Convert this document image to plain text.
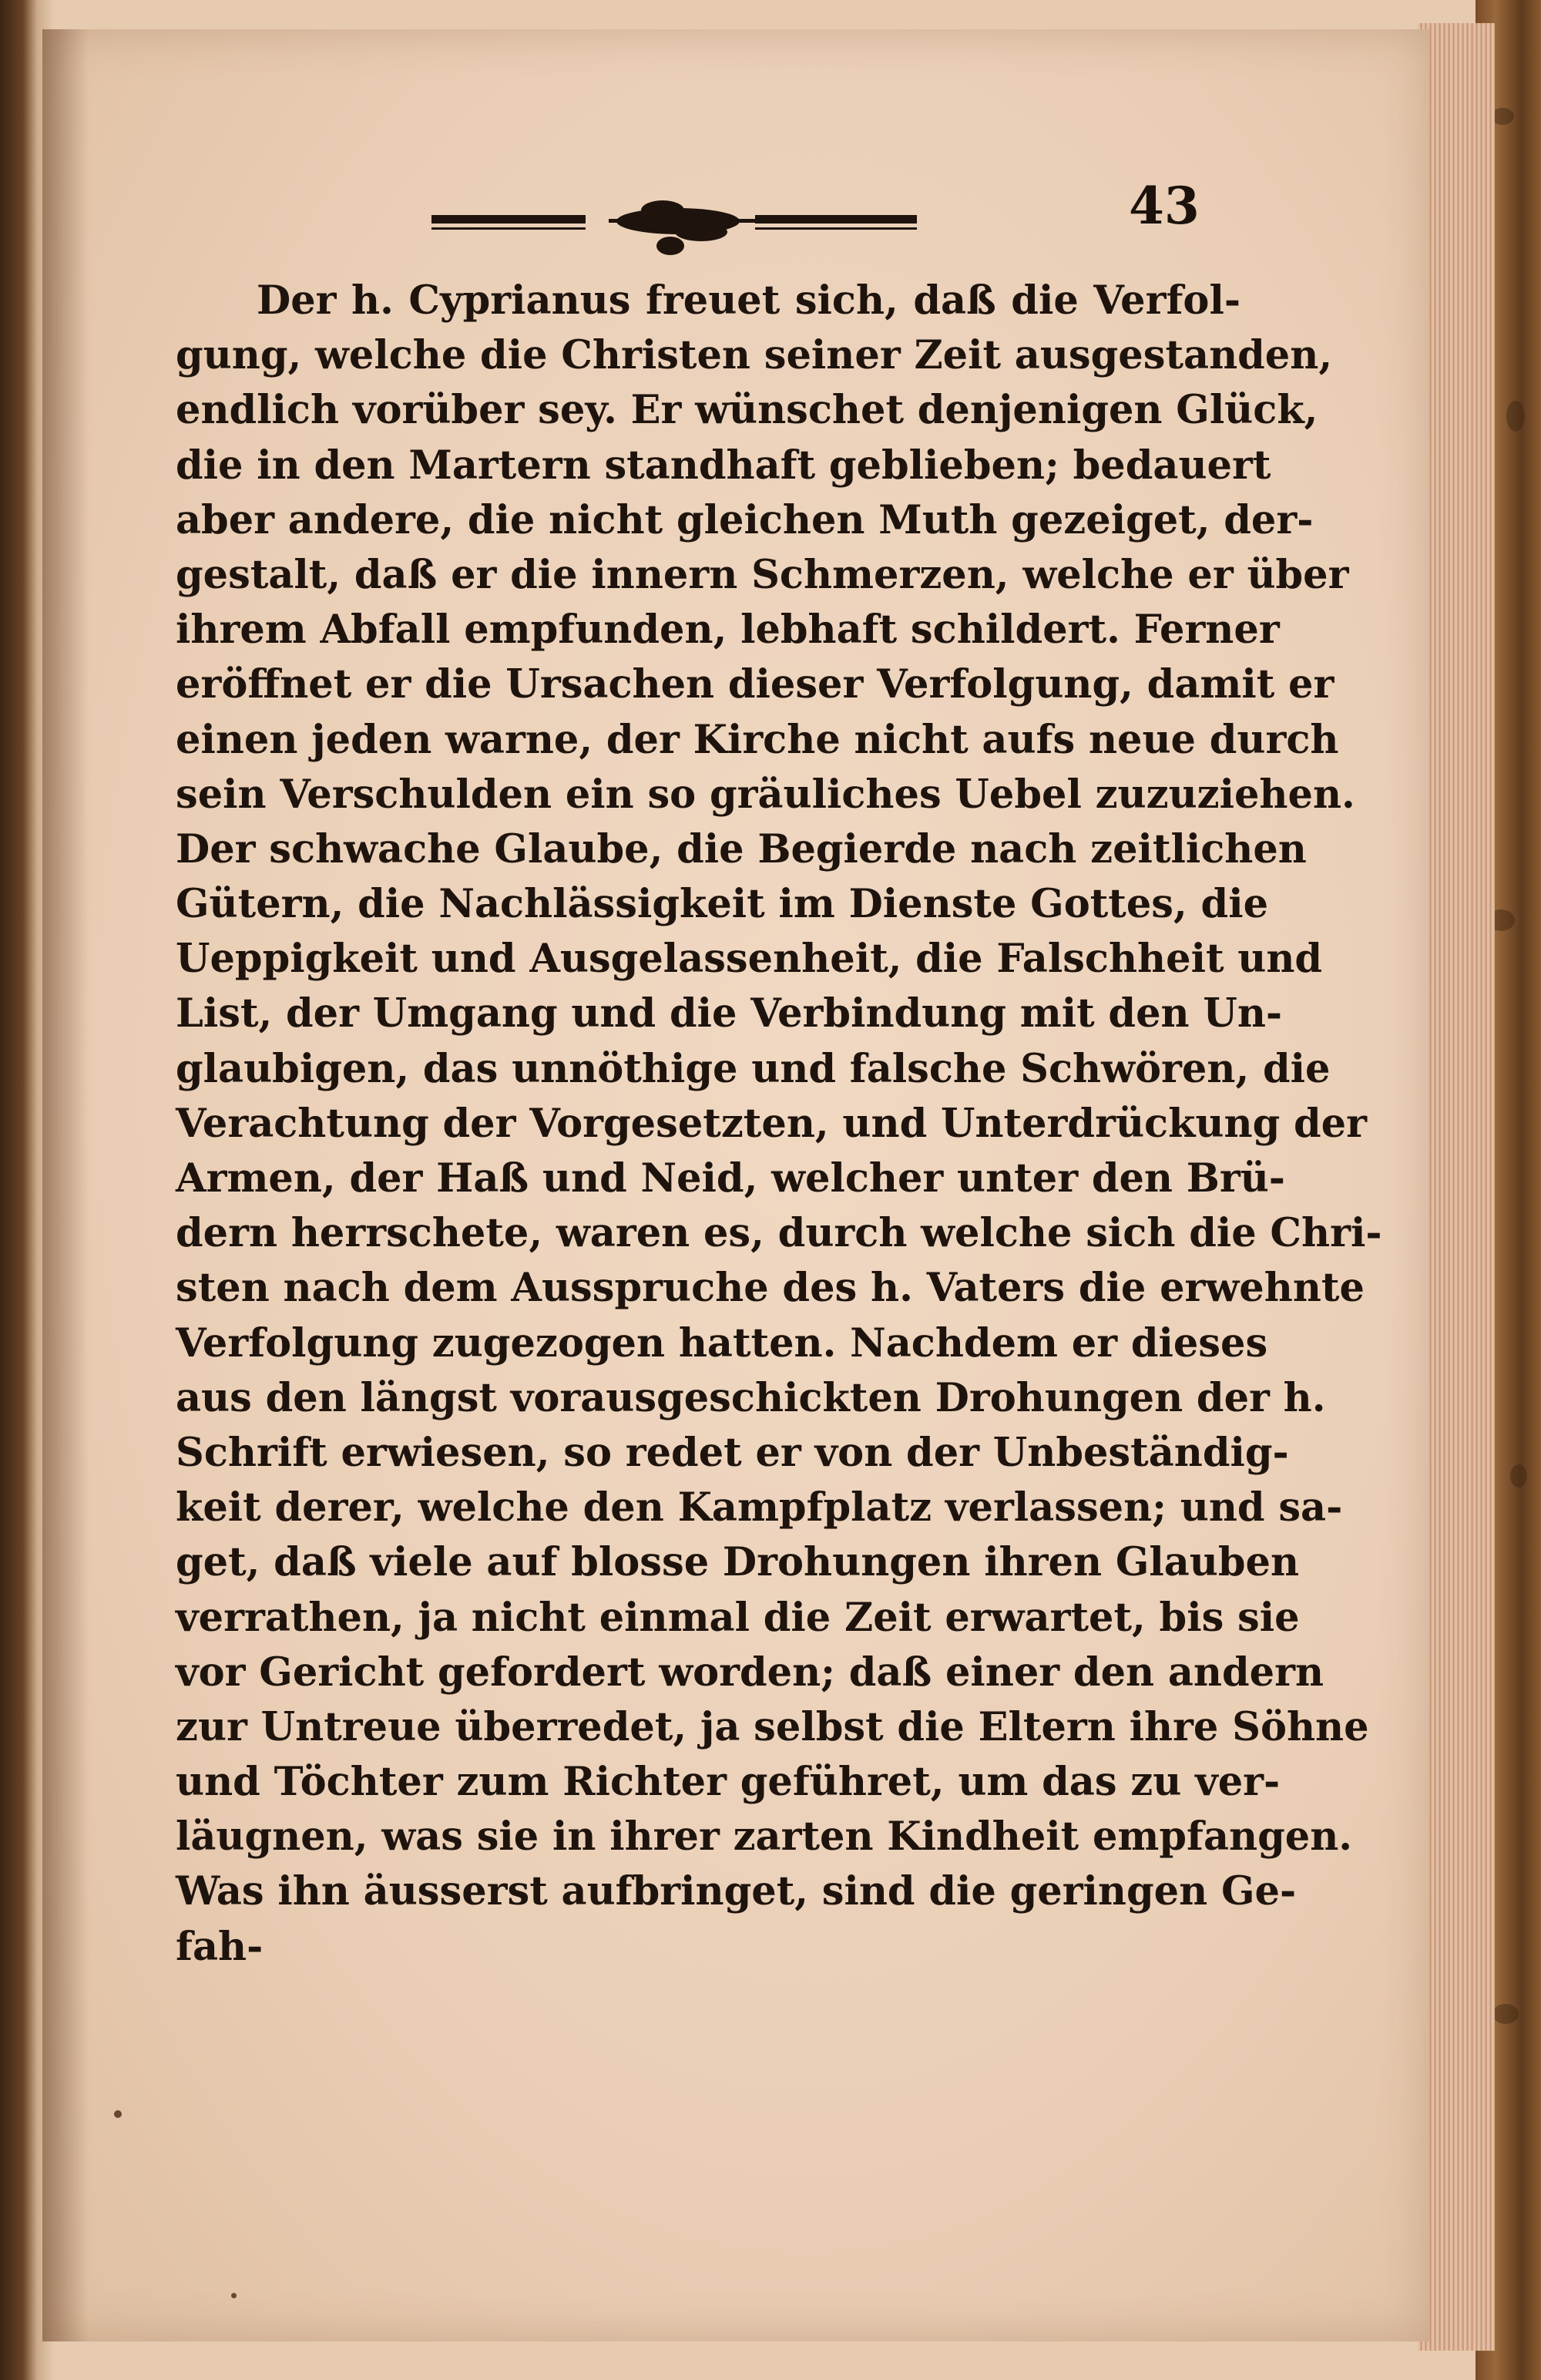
43
Der h. Cyprianus freuet sich, daß die Verfol-
gung, welche die Christen seiner Zeit ausgestanden,
endlich vorüber sey. Er wünschet denjenigen Glück,
die in den Martern standhaft geblieben; bedauert
aber andere, die nicht gleichen Muth gezeiget, der-
gestalt, daß er die innern Schmerzen, welche er über
ihrem Abfall empfunden, lebhaft schildert. Ferner
eröffnet er die Ursachen dieser Verfolgung, damit er
einen jeden warne, der Kirche nicht aufs neue durch
sein Verschulden ein so gräuliches Uebel zuzuziehen.
Der schwache Glaube, die Begierde nach zeitlichen
Gütern, die Nachlässigkeit im Dienste Gottes, die
Ueppigkeit und Ausgelassenheit, die Falschheit und
List, der Umgang und die Verbindung mit den Un-
glaubigen, das unnöthige und falsche Schwören, die
Verachtung der Vorgesetzten, und Unterdrückung der
Armen, der Haß und Neid, welcher unter den Brü-
dern herrschete, waren es, durch welche sich die Chri-
sten nach dem Ausspruche des h. Vaters die erwehnte
Verfolgung zugezogen hatten. Nachdem er dieses
aus den längst vorausgeschickten Drohungen der h.
Schrift erwiesen, so redet er von der Unbeständig-
keit derer, welche den Kampfplatz verlassen; und sa-
get, daß viele auf blosse Drohungen ihren Glauben
verrathen, ja nicht einmal die Zeit erwartet, bis sie
vor Gericht gefordert worden; daß einer den andern
zur Untreue überredet, ja selbst die Eltern ihre Söhne
und Töchter zum Richter geführet, um das zu ver-
läugnen, was sie in ihrer zarten Kindheit empfangen.
Was ihn äusserst aufbringet, sind die geringen Ge-
fah-
